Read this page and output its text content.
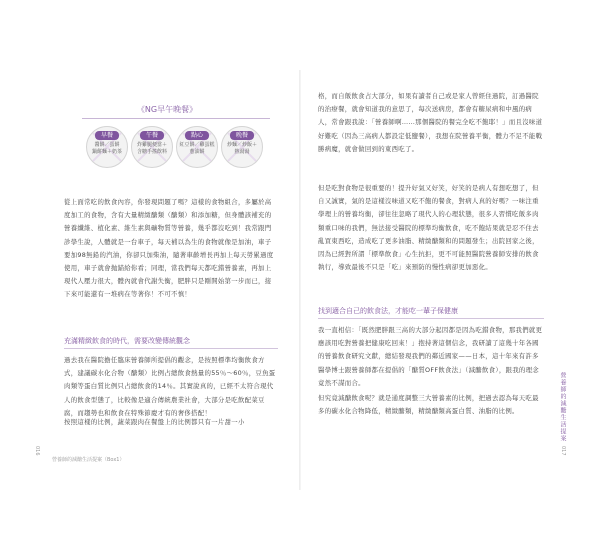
《NG早午晚餐》
早餐
醬餅／蛋餅
鍋餅麵＋奶茶
午餐
炸雞腿便當＋
含糖手搖飲料
點心
紅豆餅／雞蛋糕
蔥油餅
晚餐
炒麵／炒飯＋
熱湯湯
從上面常吃的飲食內容，你發現問題了嗎？這樣的食物組合，多屬於高度加工的食物，含有大量精緻醣類（醣類）和添加糖，但身體該補充的營養纖維、植化素、維生素與礦物質等營養，幾乎都沒吃到！我常跟門診學生說，人體就是一台車子，每天補以為生的食物就像是加油，車子要加98無鉛的汽油，你卻只加柴油，隨著車齡增長再加上每天勞累過度使用，車子就會抛錨給你看；同理，當我們每天都吃錯營養素，再加上現代人壓力很大，體內就會代謝失衡，肥胖只是剛開始第一步而已，接下來可能還有一堆病在等著你！不可不慎！
充滿精緻飲食的時代，需要改變傳統觀念
過去我在醫院擔任臨床營養師所提倡的觀念，是按照標準均衡飲食方式，建議碳水化合物（醣類）比例占總飲食熱量的55％～60％，豆魚蛋肉類等蛋白質比例只占總飲食的14％。其實說真的，已經不太符合現代人的飲食型態了，比較像是適合傳統農業社會，大部分是吃飲配菜豆腐，而趨勢也和飲食在特殊節慶才有的奢侈搭配！
按照這樣的比例，蔬菜跟肉在餐盤上的比例都只有一片甜一小
016
營養師的減醣生活提案（Box1）
格，而自飯飲食占大部分，如果有讀者自己或是家人曾經住過院，訂過醫院的治療餐，就會知道我的意思了，每次送病房，都會有糖尿病和中風的病人，常會跟我說：「營養師啊……那個醫院的餐完全吃不飽耶！」而且沒味道好難吃（因為三高病人都設定低鹽餐），我想在院營養平衡，體力不足不能戰勝病魔，就會做回到的東西吃了。
但是吃對食物是很重要的！提升好氣又好笑，好笑的是病人有想吃想了，但自又誠實，氣的是這樣沒味道又吃不飽的餐食，對病人真的好嗎？一味注重學理上的營養均衡，卻往往忽略了現代人的心理狀態，很多人習慣吃飯多肉類重口味的我們，無法接受醫院的標準均衡飲食，吃不飽結果就是忍不住去亂買東西吃，造成吃了更多油脂、精緻醣類和的問題發生；出院回家之後，因為已經對所謂「標準飲食」心生抗拒，更不可能照醫院營養師安排的飲食執行，導致最後不只是「吃」來預防的慢性病卻更加惡化。
找到適合自己的飲食法，才能吃一輩子保健康
我一直相信：「既然肥胖跟三高的大部分起因都是因為吃錯食物，那我們就更應該用吃對營養把健康吃回來！」抱持著這個信念，我研讀了這幾十年各國的營養飲食研究文獻，總結發現我們的鄰近國家——日本，這十年來有許多醫學博士跟營養師都在提倡的「醣質OFF飲食法」（減醣飲食），跟我的理念竟然不謀而合。
但究竟減醣飲食呢？就是通度調整三大營養素的比例，把過去認為每天吃最多的碳水化合物降低，精緻醣類，精緻醣類高蛋白質、油脂的比例。	營養師的減醣生活提案
017
